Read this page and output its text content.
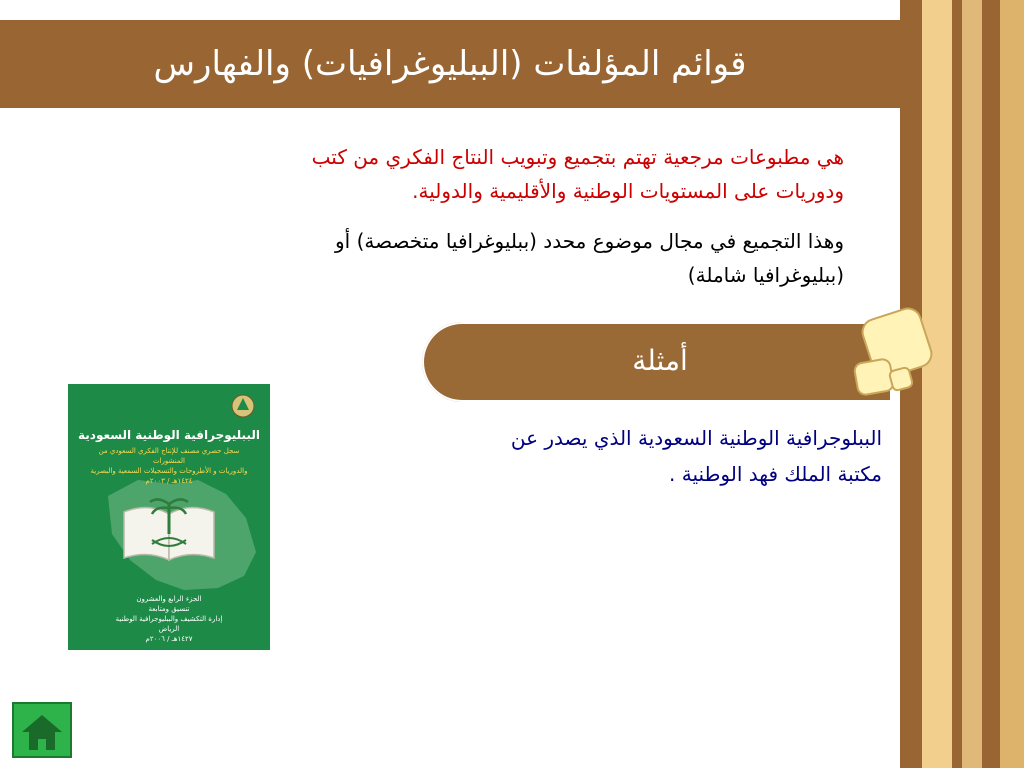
قوائم المؤلفات (الببليوغرافيات) والفهارس
هي مطبوعات مرجعية تهتم بتجميع وتبويب النتاج الفكري من كتب
ودوريات على المستويات الوطنية والأقليمية والدولية.
وهذا التجميع في مجال موضوع محدد (ببليوغرافيا متخصصة) أو
(ببليوغرافيا شاملة)
أمثلة
الببلوجرافية الوطنية السعودية الذي يصدر عن
مكتبة الملك فهد الوطنية .
الببليوجرافية الوطنية السعودية
سجل حصري مصنف للإنتاج الفكري السعودي من المنشورات
والدوريات و الأطروحات والتسجيلات السمعية والبصرية
١٤٢٤هـ / ٢٠٠٣م
الجزء الرابع والعشرون
تنسيق ومتابعة
إدارة التكشيف والببليوجرافية الوطنية
الرياض
١٤٢٧هـ / ٢٠٠٦م
